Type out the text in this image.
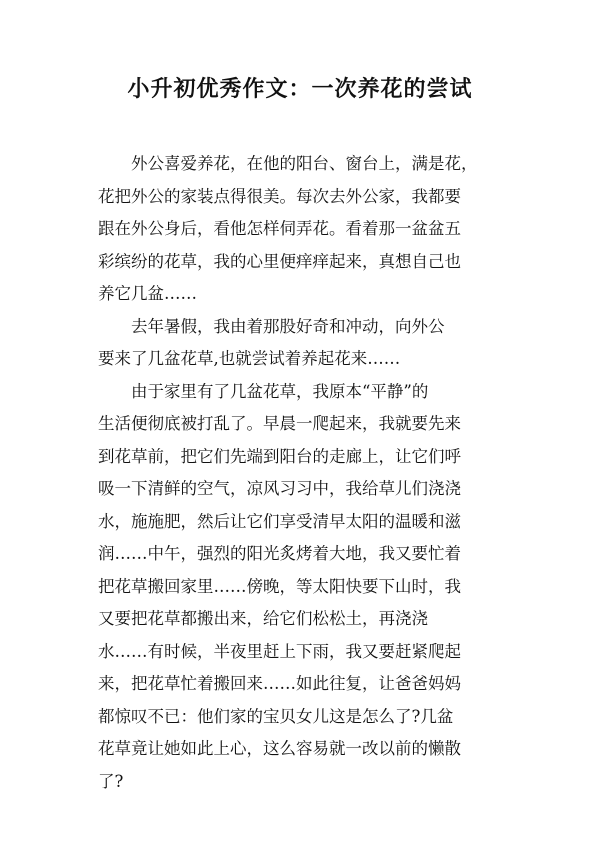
小升初优秀作文：一次养花的尝试
　　外公喜爱养花，在他的阳台、窗台上，满是花，
花把外公的家装点得很美。每次去外公家，我都要
跟在外公身后，看他怎样伺弄花。看着那一盆盆五
彩缤纷的花草，我的心里便痒痒起来，真想自己也
养它几盆……
　　去年暑假，我由着那股好奇和冲动，向外公
要来了几盆花草,也就尝试着养起花来……
　　由于家里有了几盆花草，我原本“平静”的
生活便彻底被打乱了。早晨一爬起来，我就要先来
到花草前，把它们先端到阳台的走廊上，让它们呼
吸一下清鲜的空气，凉风习习中，我给草儿们浇浇
水，施施肥，然后让它们享受清早太阳的温暖和滋
润……中午，强烈的阳光炙烤着大地，我又要忙着
把花草搬回家里……傍晚，等太阳快要下山时，我
又要把花草都搬出来，给它们松松土，再浇浇
水……有时候，半夜里赶上下雨，我又要赶紧爬起
来，把花草忙着搬回来……如此往复，让爸爸妈妈
都惊叹不已：他们家的宝贝女儿这是怎么了?几盆
花草竟让她如此上心，这么容易就一改以前的懒散
了?
